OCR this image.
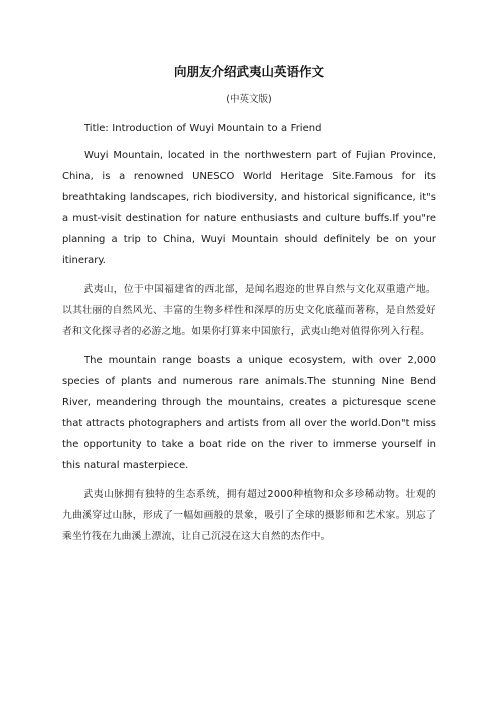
向朋友介绍武夷山英语作文
(中英文版)

Title: Introduction of Wuyi Mountain to a Friend

Wuyi Mountain, located in the northwestern part of Fujian Province, China, is a renowned UNESCO World Heritage Site.Famous for its breathtaking landscapes, rich biodiversity, and historical significance, it"s a must-visit destination for nature enthusiasts and culture buffs.If you"re planning a trip to China, Wuyi Mountain should definitely be on your itinerary.

武夷山，位于中国福建省的西北部，是闻名遐迩的世界自然与文化双重遗产地。以其壮丽的自然风光、丰富的生物多样性和深厚的历史文化底蕴而著称，是自然爱好者和文化探寻者的必游之地。如果你打算来中国旅行，武夷山绝对值得你列入行程。

The mountain range boasts a unique ecosystem, with over 2,000 species of plants and numerous rare animals.The stunning Nine Bend River, meandering through the mountains, creates a picturesque scene that attracts photographers and artists from all over the world.Don"t miss the opportunity to take a boat ride on the river to immerse yourself in this natural masterpiece.

武夷山脉拥有独特的生态系统，拥有超过2000种植物和众多珍稀动物。壮观的九曲溪穿过山脉，形成了一幅如画般的景象，吸引了全球的摄影师和艺术家。别忘了乘坐竹筏在九曲溪上漂流，让自己沉浸在这大自然的杰作中。
